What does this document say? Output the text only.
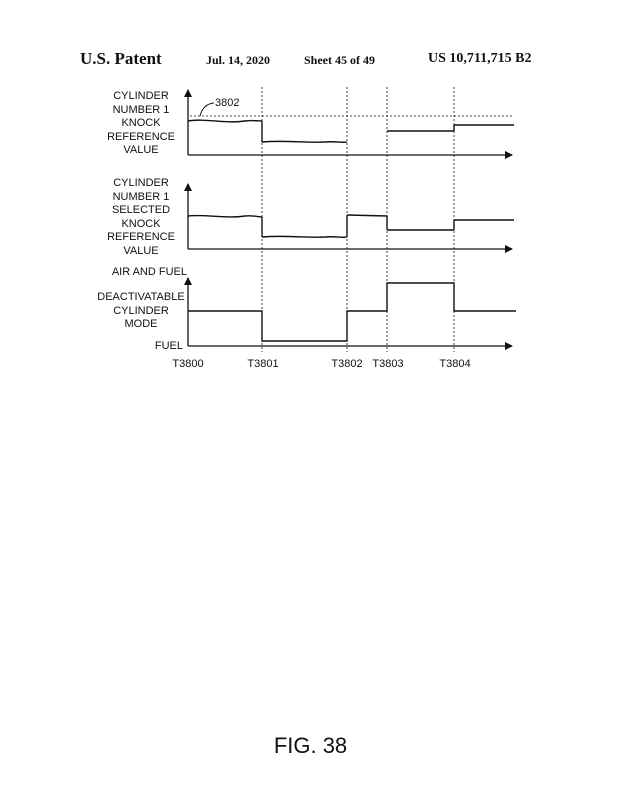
U.S. Patent	Jul. 14, 2020	Sheet 45 of 49	US 10,711,715 B2
3802
CYLINDER
NUMBER 1
KNOCK
REFERENCE
VALUE
CYLINDER
NUMBER 1
SELECTED
KNOCK
REFERENCE
VALUE
AIR AND FUEL
DEACTIVATABLE
CYLINDER
MODE
FUEL
T3800	T3801	T3802 T3803	T3804
FIG. 38
